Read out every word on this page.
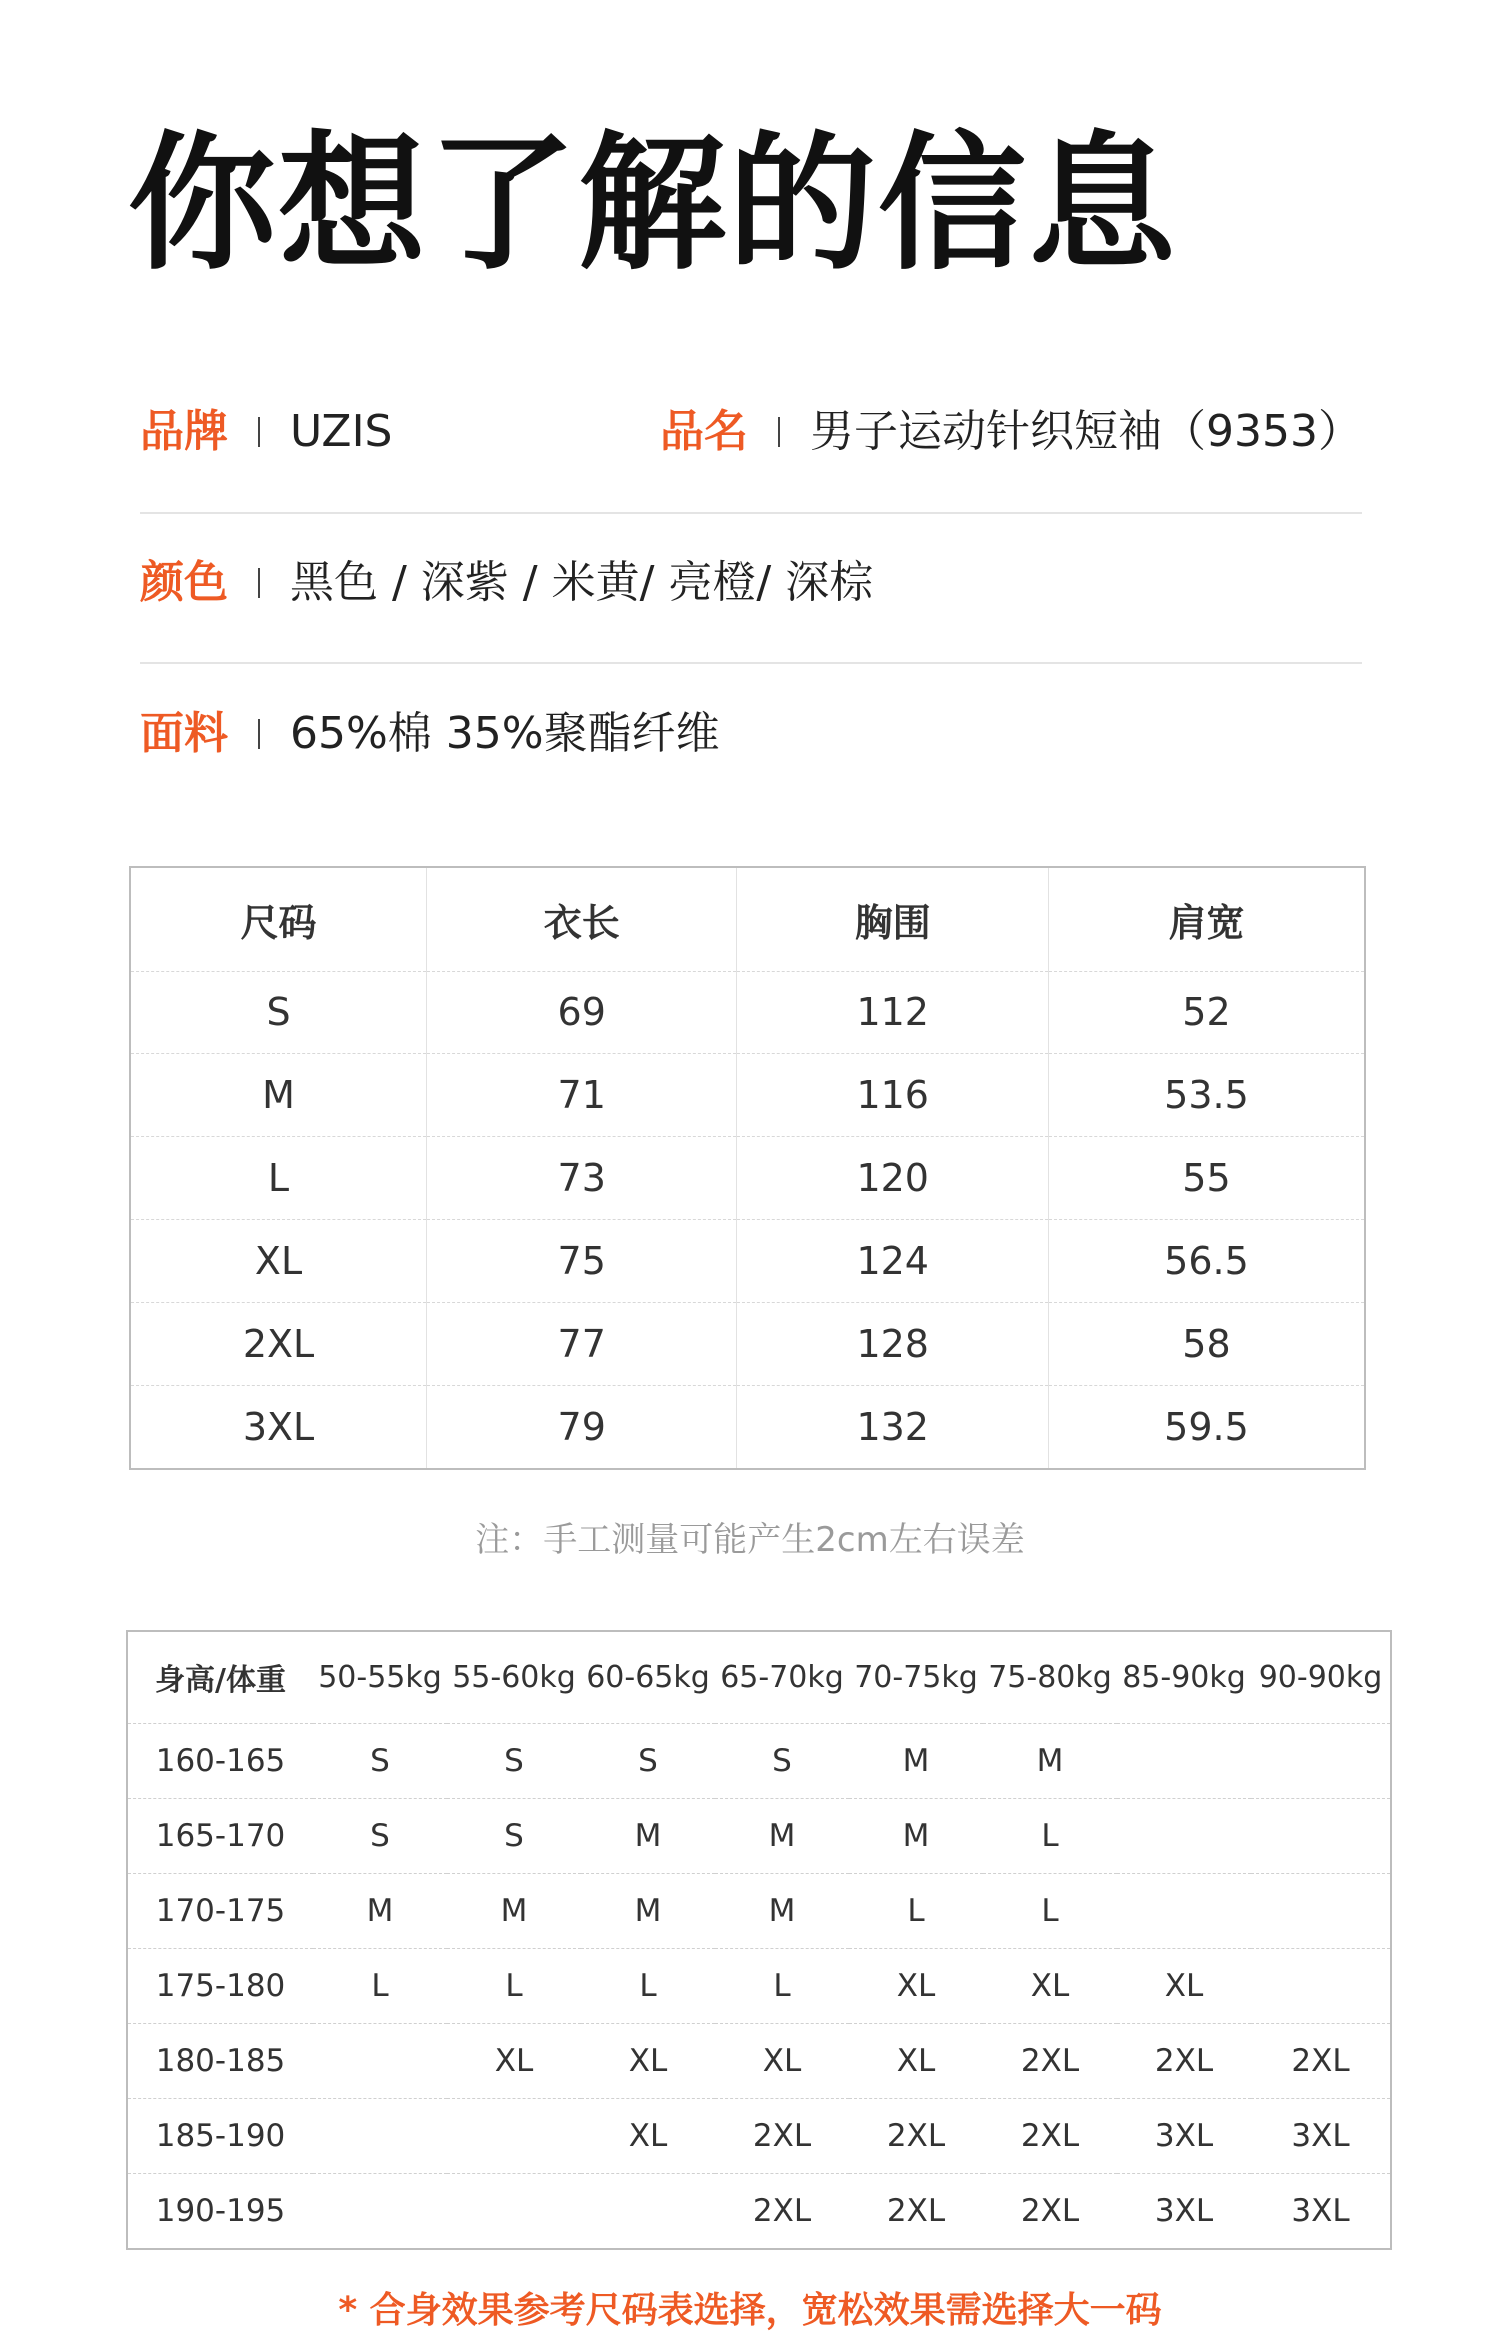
你想了解的信息
品牌 UZIS	品名 男子运动针织短袖（9353）
颜色 黑色 / 深紫 / 米黄/ 亮橙/ 深棕
面料 65%棉 35%聚酯纤维
尺码	衣长	胸围	肩宽
S	69	112	52
M	71	116	53.5
L	73	120	55
XL	75	124	56.5
2XL	77	128	58
3XL	79	132	59.5
注：手工测量可能产生2cm左右误差
身高/体重	50-55kg	55-60kg	60-65kg	65-70kg	70-75kg	75-80kg	85-90kg	90-90kg
160-165	S	S	S	S	M	M		
165-170	S	S	M	M	M	L		
170-175	M	M	M	M	L	L		
175-180	L	L	L	L	XL	XL	XL	
180-185		XL	XL	XL	XL	2XL	2XL	2XL
185-190			XL	2XL	2XL	2XL	3XL	3XL
190-195				2XL	2XL	2XL	3XL	3XL
* 合身效果参考尺码表选择，宽松效果需选择大一码
